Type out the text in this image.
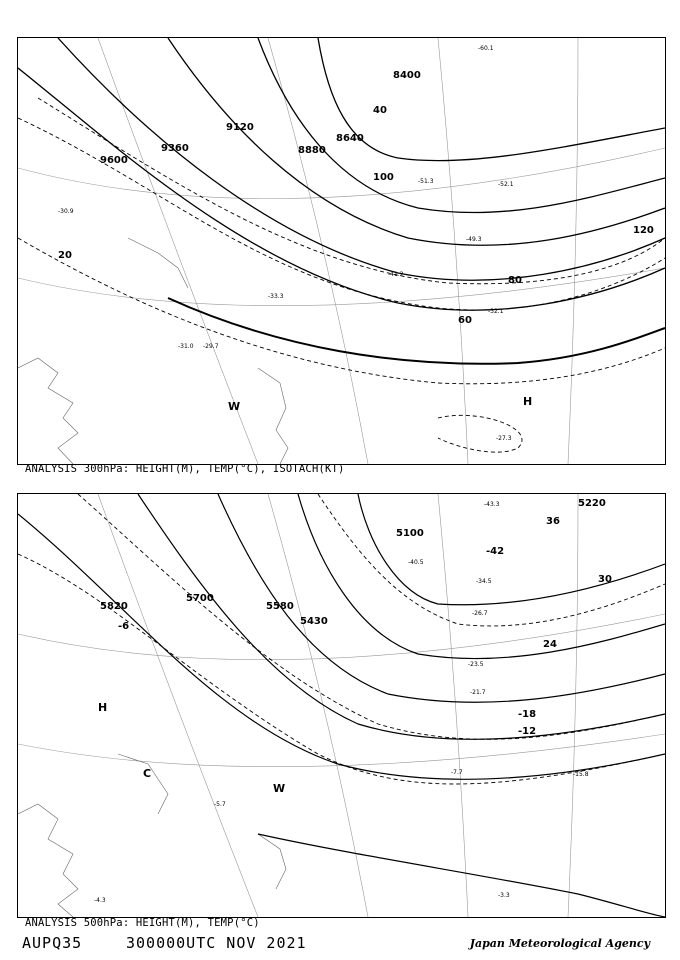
9600
9360
9120
8880
8640
8400
20
40
60
80
100
120
-27.3
-29.7
-30.9
-31.0
-32.1
-33.3
-41.2
-49.3
-51.3	-52.1
-60.1
H
W
ANALYSIS 300hPa: HEIGHT(M), TEMP(°C), ISOTACH(KT)
5820
5700
5580
5430
5100
5220
-6
-12
-18
24
30
36
-42
-3.3
-4.3
-5.7
-7.7	-15.8
-21.7
-23.5
-26.7
-34.5
-40.5
-43.3
H
C
W
ANALYSIS 500hPa: HEIGHT(M), TEMP(°C)
AUPQ35	300000UTC NOV 2021	Japan Meteorological Agency
